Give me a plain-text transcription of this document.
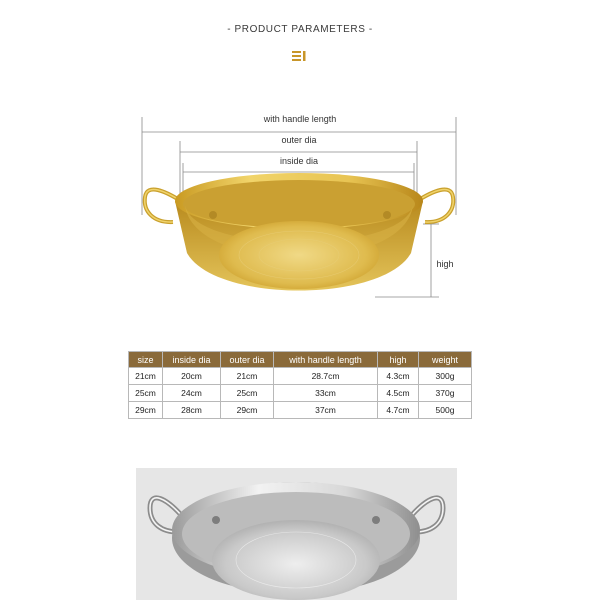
- PRODUCT PARAMETERS -
with handle length
outer dia
inside dia
high
size	inside dia	outer dia	with handle length	high	weight
21cm	20cm	21cm	28.7cm	4.3cm	300g
25cm	24cm	25cm	33cm	4.5cm	370g
29cm	28cm	29cm	37cm	4.7cm	500g
